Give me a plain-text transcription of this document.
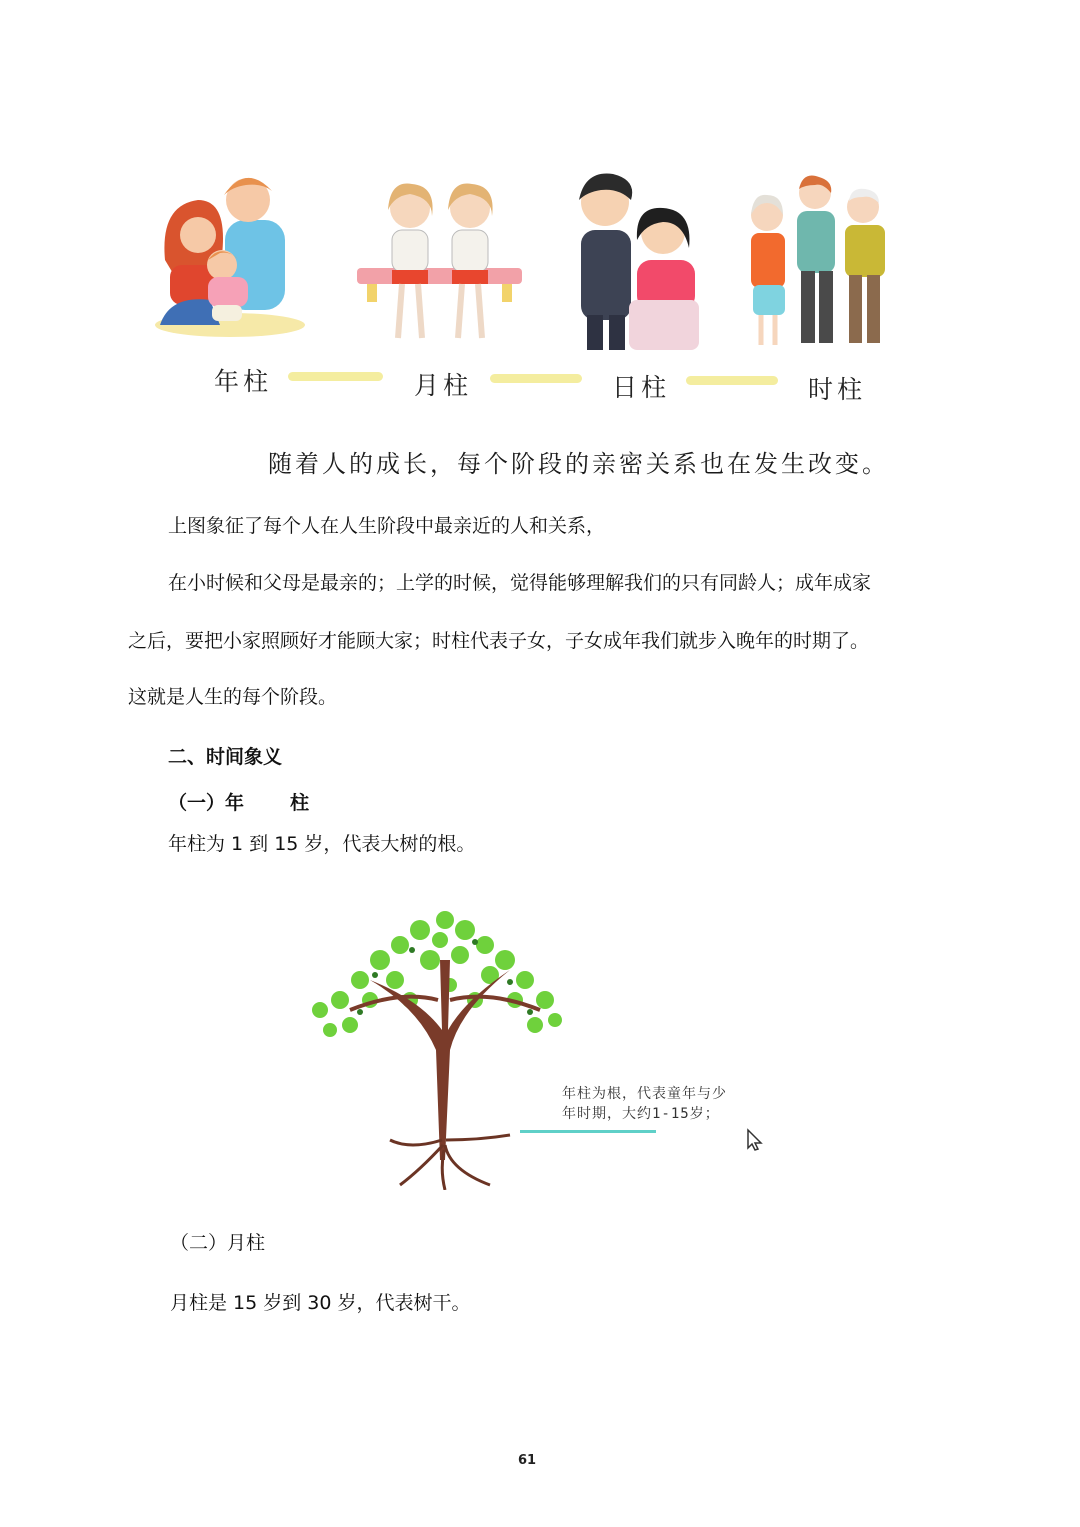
年柱	月柱	日柱	时柱
随着人的成长，每个阶段的亲密关系也在发生改变。
上图象征了每个人在人生阶段中最亲近的人和关系，
在小时候和父母是最亲的；上学的时候，觉得能够理解我们的只有同龄人；成年成家
之后，要把小家照顾好才能顾大家；时柱代表子女，子女成年我们就步入晚年的时期了。
这就是人生的每个阶段。
二、时间象义
（一）年 柱
年柱为 1 到 15 岁，代表大树的根。
年柱为根，代表童年与少
年时期，大约1-15岁；
（二）月柱
月柱是 15 岁到 30 岁，代表树干。
61
